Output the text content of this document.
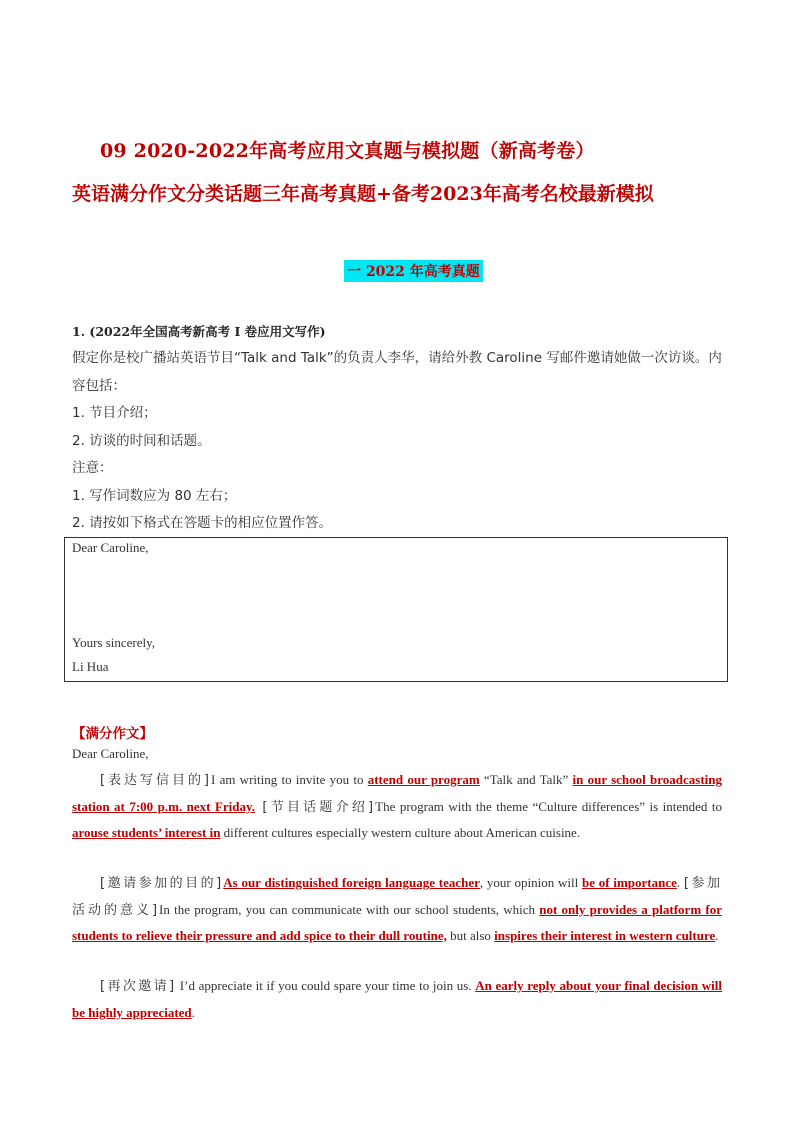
09 2020-2022年高考应用文真题与模拟题（新高考卷）
英语满分作文分类话题三年高考真题+备考2023年高考名校最新模拟
一 2022 年高考真题
1. (2022年全国高考新高考 I 卷应用文写作)
假定你是校广播站英语节目“Talk and Talk”的负责人李华，请给外教 Caroline 写邮件邀请她做一次访谈。内
容包括：
1. 节目介绍；
2. 访谈的时间和话题。
注意：
1. 写作词数应为 80 左右；
2. 请按如下格式在答题卡的相应位置作答。
Dear Caroline,
Yours sincerely,
Li Hua
【满分作文】
Dear Caroline,
[表达写信目的]I am writing to invite you to attend our program “Talk and Talk” in our school broadcasting station at 7:00 p.m. next Friday. [节目话题介绍]The program with the theme “Culture differences” is intended to arouse students’ interest in different cultures especially western culture about American cuisine.
[邀请参加的目的]As our distinguished foreign language teacher, your opinion will be of importance. [参加活动的意义]In the program, you can communicate with our school students, which not only provides a platform for students to relieve their pressure and add spice to their dull routine, but also inspires their interest in western culture.
[再次邀请] I’d appreciate it if you could spare your time to join us. An early reply about your final decision will be highly appreciated.
